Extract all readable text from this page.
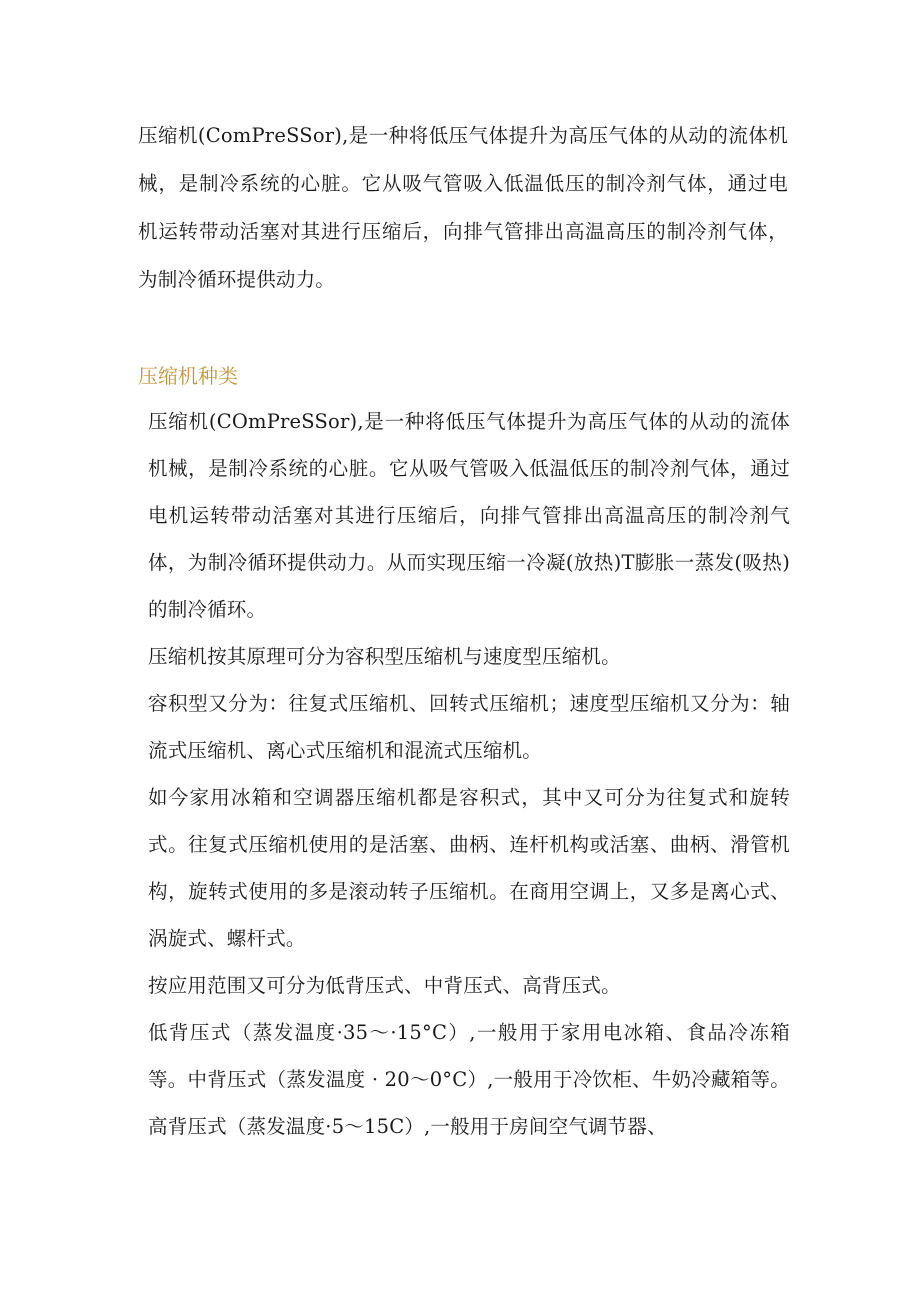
压缩机(ComPreSSor),是一种将低压气体提升为高压气体的从动的流体机械，是制冷系统的心脏。它从吸气管吸入低温低压的制冷剂气体，通过电机运转带动活塞对其进行压缩后，向排气管排出高温高压的制冷剂气体，为制冷循环提供动力。

压缩机种类

压缩机(COmPreSSor),是一种将低压气体提升为高压气体的从动的流体机械，是制冷系统的心脏。它从吸气管吸入低温低压的制冷剂气体，通过电机运转带动活塞对其进行压缩后，向排气管排出高温高压的制冷剂气体，为制冷循环提供动力。从而实现压缩一冷凝(放热)T膨胀一蒸发(吸热)的制冷循环。

压缩机按其原理可分为容积型压缩机与速度型压缩机。

容积型又分为：往复式压缩机、回转式压缩机；速度型压缩机又分为：轴流式压缩机、离心式压缩机和混流式压缩机。

如今家用冰箱和空调器压缩机都是容积式，其中又可分为往复式和旋转式。往复式压缩机使用的是活塞、曲柄、连杆机构或活塞、曲柄、滑管机构，旋转式使用的多是滚动转子压缩机。在商用空调上，又多是离心式、涡旋式、螺杆式。

按应用范围又可分为低背压式、中背压式、高背压式。

低背压式（蒸发温度·35～·15°C）,一般用于家用电冰箱、食品冷冻箱等。中背压式（蒸发温度 · 20～0°C）,一般用于冷饮柜、牛奶冷藏箱等。高背压式（蒸发温度·5～15C）,一般用于房间空气调节器、
